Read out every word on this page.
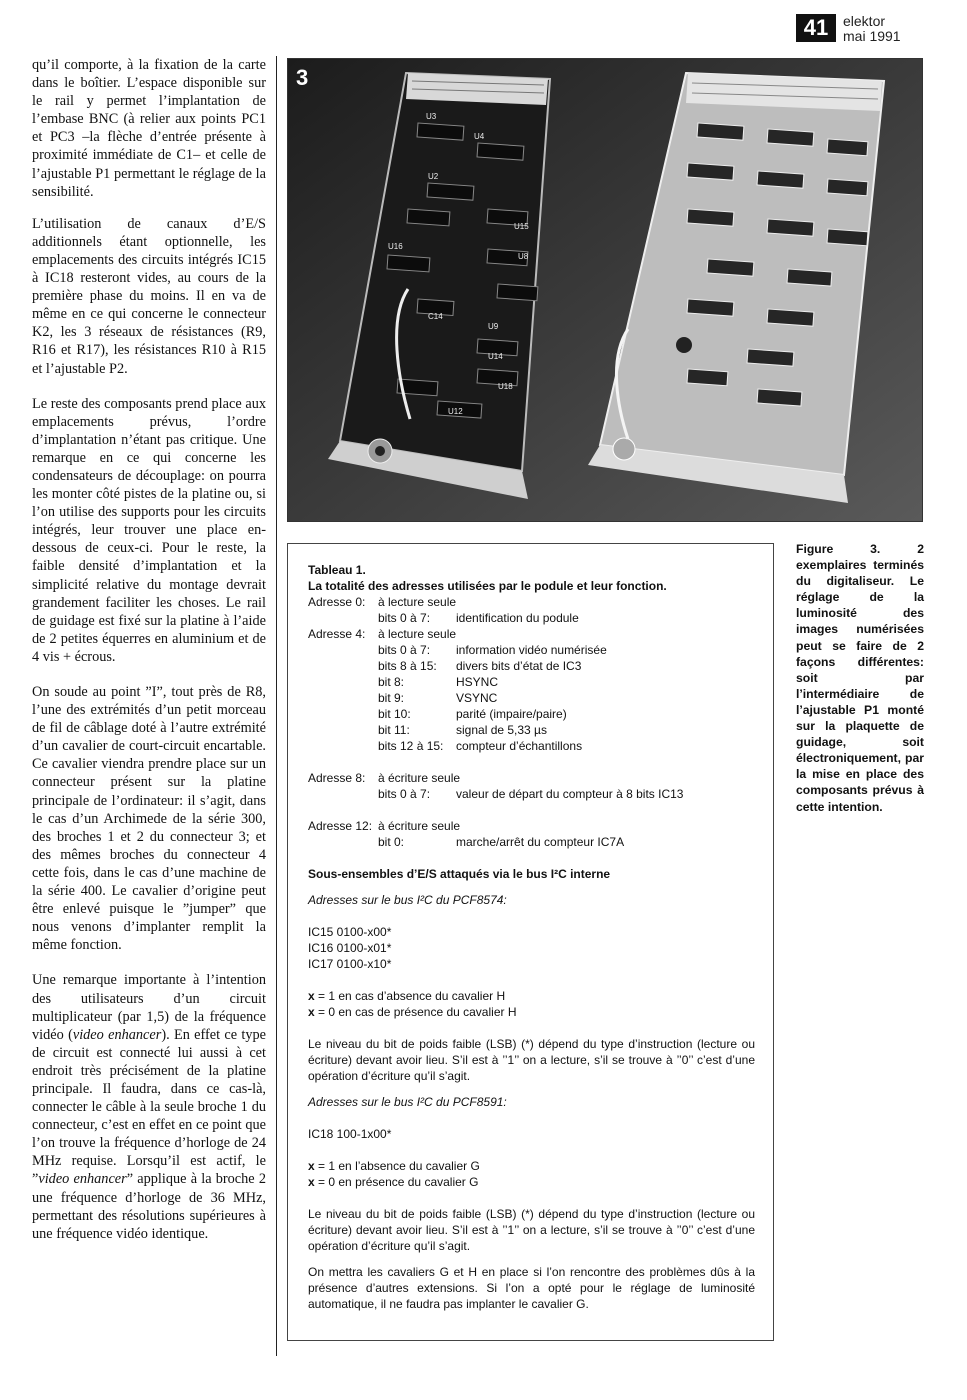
41	elektor
mai 1991

qu’il comporte, à la fixation de la carte dans le boîtier. L’espace disponible sur le rail y permet l’implantation de l’embase BNC (à relier aux points PC1 et PC3 –la flèche d’entrée présente à proximité immédiate de C1– et celle de l’ajustable P1 permettant le réglage de la sensibilité.

L’utilisation de canaux d’E/S additionnels étant optionnelle, les emplacements des circuits intégrés IC15 à IC18 resteront vides, au cours de la première phase du moins. Il en va de même en ce qui concerne le connecteur K2, les 3 réseaux de résistances (R9, R16 et R17), les résistances R10 à R15 et l’ajustable P2.

Le reste des composants prend place aux emplacements prévus, l’ordre d’implantation n’étant pas critique. Une remarque en ce qui concerne les condensateurs de découplage: on pourra les monter côté pistes de la platine ou, si l’on utilise des supports pour les circuits intégrés, leur trouver une place en-dessous de ceux-ci. Pour le reste, la faible densité d’implantation et la simplicité relative du montage devrait grandement faciliter les choses. Le rail de guidage est fixé sur la platine à l’aide de 2 petites équerres en aluminium et de 4 vis + écrous.

On soude au point ”I”, tout près de R8, l’une des extrémités d’un petit morceau de fil de câblage doté à l’autre extrémité d’un cavalier de court-circuit encartable. Ce cavalier viendra prendre place sur un connecteur présent sur la platine principale de l’ordinateur: il s’agit, dans le cas d’un Archimede de la série 300, des broches 1 et 2 du connecteur 3; et des mêmes broches du connecteur 4 cette fois, dans le cas d’une machine de la série 400. Le cavalier d’origine peut être enlevé puisque le ”jumper” que nous venons d’implanter remplit la même fonction.

Une remarque importante à l’intention des utilisateurs d’un circuit multiplicateur (par 1,5) de la fréquence vidéo (video enhancer). En effet ce type de circuit est connecté lui aussi à cet endroit très précisément de la platine principale. Il faudra, dans ce cas-là, connecter le câble à la seule broche 1 du connecteur, c’est en effet en ce point que l’on trouve la fréquence d’horloge de 24 MHz requise. Lorsqu’il est actif, le ”video enhancer” applique à la broche 2 une fréquence d’horloge de 36 MHz, permettant des résolutions supérieures à une fréquence vidéo identique.

U16
U3
U4
U2
U15
U8
U9
U14
U18
U12
C14
3
Tableau 1.
La totalité des adresses utilisées par le podule et leur fonction.
Adresse 0:	à lecture seule
bits 0 à 7:	identification du podule
Adresse 4:	à lecture seule
bits 0 à 7:	information vidéo numérisée
bits 8 à 15:	divers bits d’état de IC3
bit 8:	HSYNC
bit 9:	VSYNC
bit 10:	parité (impaire/paire)
bit 11:	signal de 5,33 µs
bits 12 à 15:	compteur d’échantillons
Adresse 8:	à écriture seule
bits 0 à 7:	valeur de départ du compteur à 8 bits IC13
Adresse 12: à écriture seule
bit 0:	marche/arrêt du compteur IC7A
Sous-ensembles d’E/S attaqués via le bus I²C interne
Adresses sur le bus I²C du PCF8574:
IC15 0100-x00*
IC16 0100-x01*
IC17 0100-x10*
x = 1 en cas d’absence du cavalier H
x = 0 en cas de présence du cavalier H
Le niveau du bit de poids faible (LSB) (*) dépend du type d’instruction (lecture ou écriture) devant avoir lieu. S’il est à ’’1’’ on a lecture, s’il se trouve à ’’0’’ c’est d’une opération d’écriture qu’il s’agit.
Adresses sur le bus I²C du PCF8591:
IC18 100-1x00*
x = 1 en l’absence du cavalier G
x = 0 en présence du cavalier G
Le niveau du bit de poids faible (LSB) (*) dépend du type d’instruction (lecture ou écriture) devant avoir lieu. S’il est à ’’1’’ on a lecture, s’il se trouve à ’’0’’ c’est d’une opération d’écriture qu’il s’agit.
On mettra les cavaliers G et H en place si l’on rencontre des problèmes dûs à la présence d’autres extensions. Si l’on a opté pour le réglage de luminosité automatique, il ne faudra pas implanter le cavalier G.
Figure 3. 2 exemplaires terminés du digitaliseur. Le réglage de la luminosité des images numérisées peut se faire de 2 façons différentes: soit par l’intermédiaire de l’ajustable P1 monté sur la plaquette de guidage, soit électroniquement, par la mise en place des composants prévus à cette intention.
